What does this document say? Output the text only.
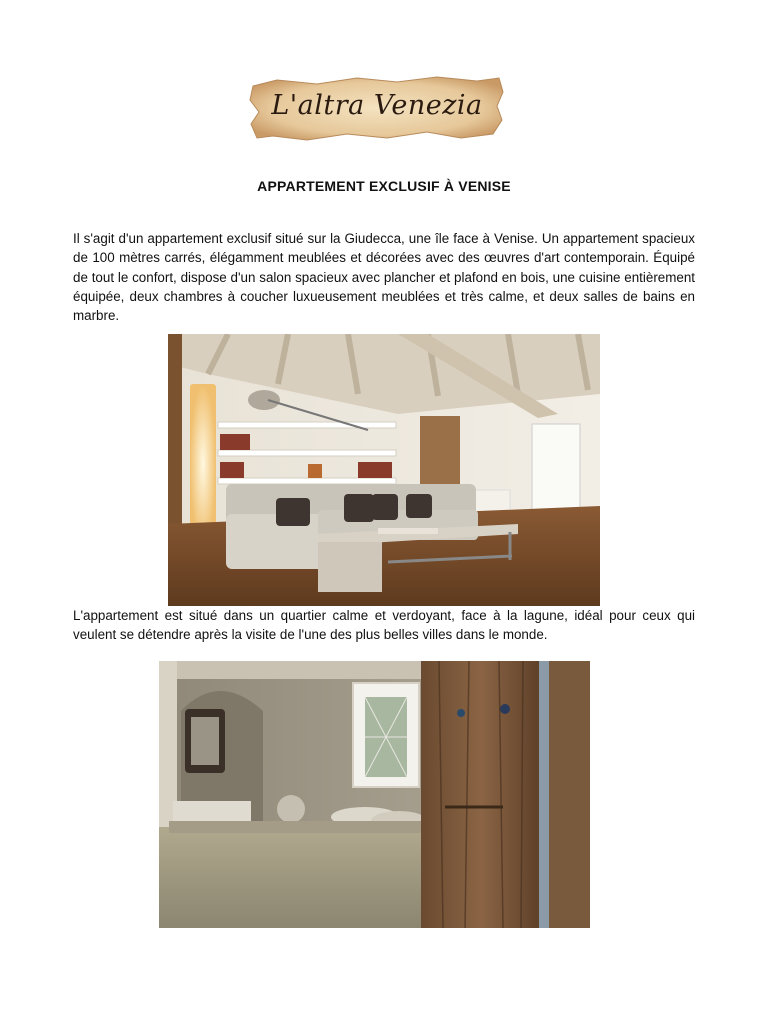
L'altra Venezia
APPARTEMENT EXCLUSIF À VENISE

Il s'agit d'un appartement exclusif situé sur la Giudecca, une île face à Venise. Un appartement spacieux de 100 mètres carrés, élégamment meublées et décorées avec des œuvres d'art contemporain. Équipé de tout le confort, dispose d'un salon spacieux avec plancher et plafond en bois, une cuisine entièrement équipée, deux chambres à coucher luxueusement meublées et très calme, et deux salles de bains en marbre.

L'appartement est situé dans un quartier calme et verdoyant, face à la lagune, idéal pour ceux qui veulent se détendre après la visite de l'une des plus belles villes dans le monde.
